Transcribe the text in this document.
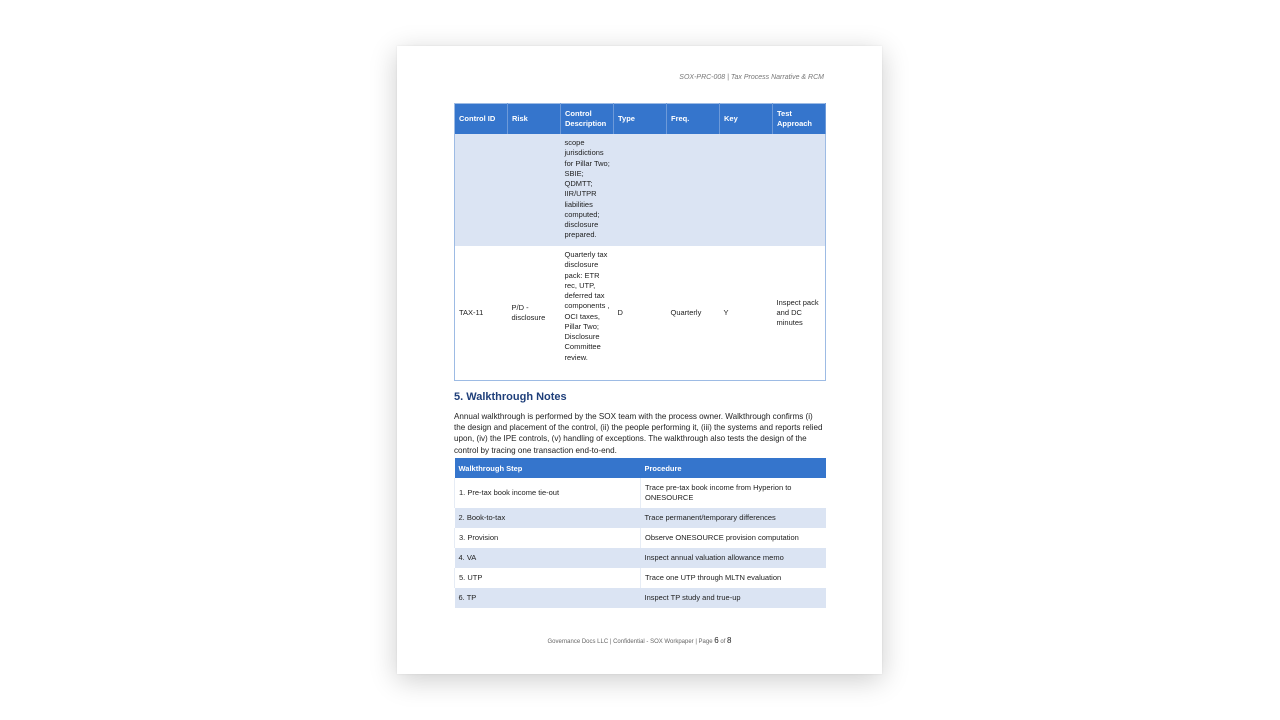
SOX-PRC-008 | Tax Process Narrative & RCM
Control ID	Risk	Control Description	Type	Freq.	Key	Test Approach
		scope jurisdictions for Pillar Two; SBIE; QDMTT; IIR/UTPR liabilities computed; disclosure prepared.				
TAX-11	P/D - disclosure	Quarterly tax disclosure pack: ETR rec, UTP, deferred tax components , OCI taxes, Pillar Two; Disclosure Committee review.	D	Quarterly	Y	Inspect pack and DC minutes
5. Walkthrough Notes

Annual walkthrough is performed by the SOX team with the process owner. Walkthrough confirms (i) the design and placement of the control, (ii) the people performing it, (iii) the systems and reports relied upon, (iv) the IPE controls, (v) handling of exceptions. The walkthrough also tests the design of the control by tracing one transaction end-to-end.

Walkthrough Step	Procedure
1. Pre-tax book income tie-out	Trace pre-tax book income from Hyperion to ONESOURCE
2. Book-to-tax	Trace permanent/temporary differences
3. Provision	Observe ONESOURCE provision computation
4. VA	Inspect annual valuation allowance memo
5. UTP	Trace one UTP through MLTN evaluation
6. TP	Inspect TP study and true-up
Governance Docs LLC | Confidential - SOX Workpaper | Page 6 of 8
